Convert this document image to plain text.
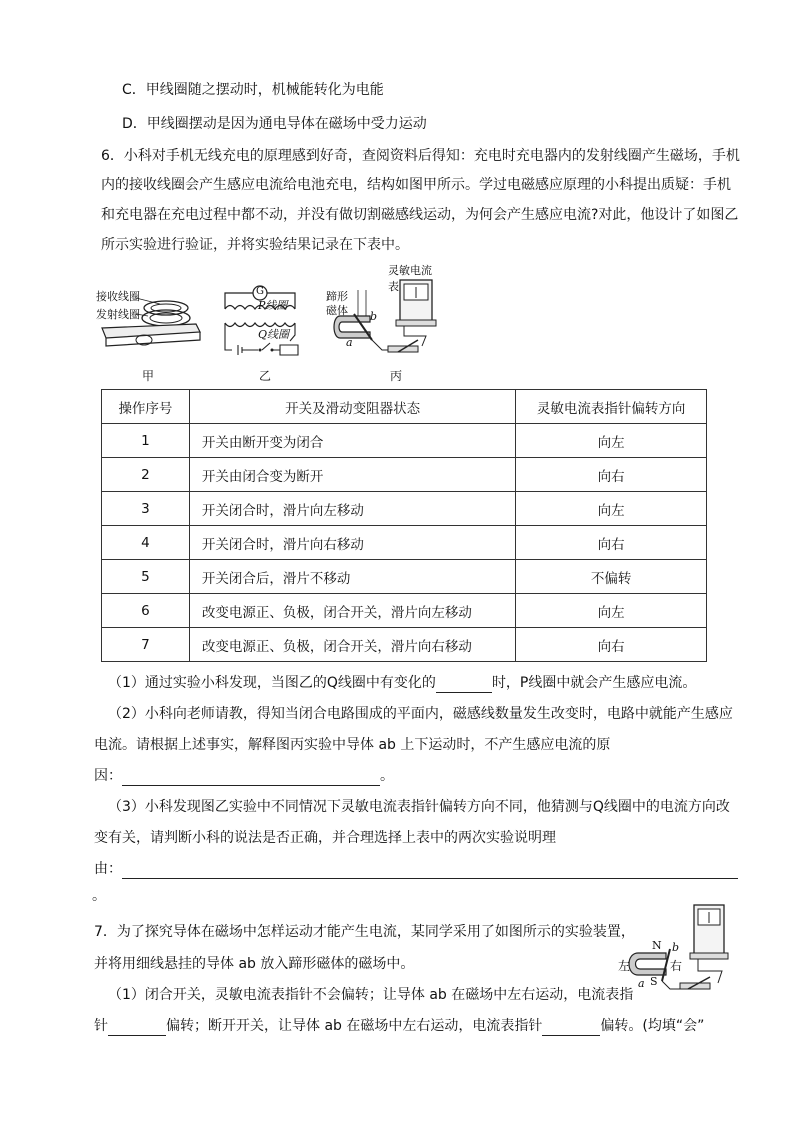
C．甲线圈随之摆动时，机械能转化为电能
D．甲线圈摆动是因为通电导体在磁场中受力运动
6．小科对手机无线充电的原理感到好奇，查阅资料后得知：充电时充电器内的发射线圈产生磁场，手机
内的接收线圈会产生感应电流给电池充电，结构如图甲所示。学过电磁感应原理的小科提出质疑：手机
和充电器在充电过程中都不动，并没有做切割磁感线运动，为何会产生感应电流?对此，他设计了如图乙
所示实验进行验证，并将实验结果记录在下表中。
接收线圈
发射线圈
G
P线圈
Q线圈
灵敏电流表
蹄形
磁体
a
b
甲	乙	丙
操作序号	开关及滑动变阻器状态	灵敏电流表指针偏转方向
1	开关由断开变为闭合	向左
2	开关由闭合变为断开	向右
3	开关闭合时，滑片向左移动	向左
4	开关闭合时，滑片向右移动	向右
5	开关闭合后，滑片不移动	不偏转
6	改变电源正、负极，闭合开关，滑片向左移动	向左
7	改变电源正、负极，闭合开关，滑片向右移动	向右
（1）通过实验小科发现，当图乙的Q线圈中有变化的	时，P线圈中就会产生感应电流。
（2）小科向老师请教，得知当闭合电路围成的平面内，磁感线数量发生改变时，电路中就能产生感应
电流。请根据上述事实，解释图丙实验中导体 ab 上下运动时，不产生感应电流的原
因：	。
（3）小科发现图乙实验中不同情况下灵敏电流表指针偏转方向不同，他猜测与Q线圈中的电流方向改
变有关，请判断小科的说法是否正确，并合理选择上表中的两次实验说明理
由：
。
7．为了探究导体在磁场中怎样运动才能产生电流，某同学采用了如图所示的实验装置，
并将用细线悬挂的导体 ab 放入蹄形磁体的磁场中。
N
S
b
a
左	右
（1）闭合开关，灵敏电流表指针不会偏转；让导体 ab 在磁场中左右运动，电流表指
针	偏转；断开开关，让导体 ab 在磁场中左右运动，电流表指针	偏转。(均填“会”
